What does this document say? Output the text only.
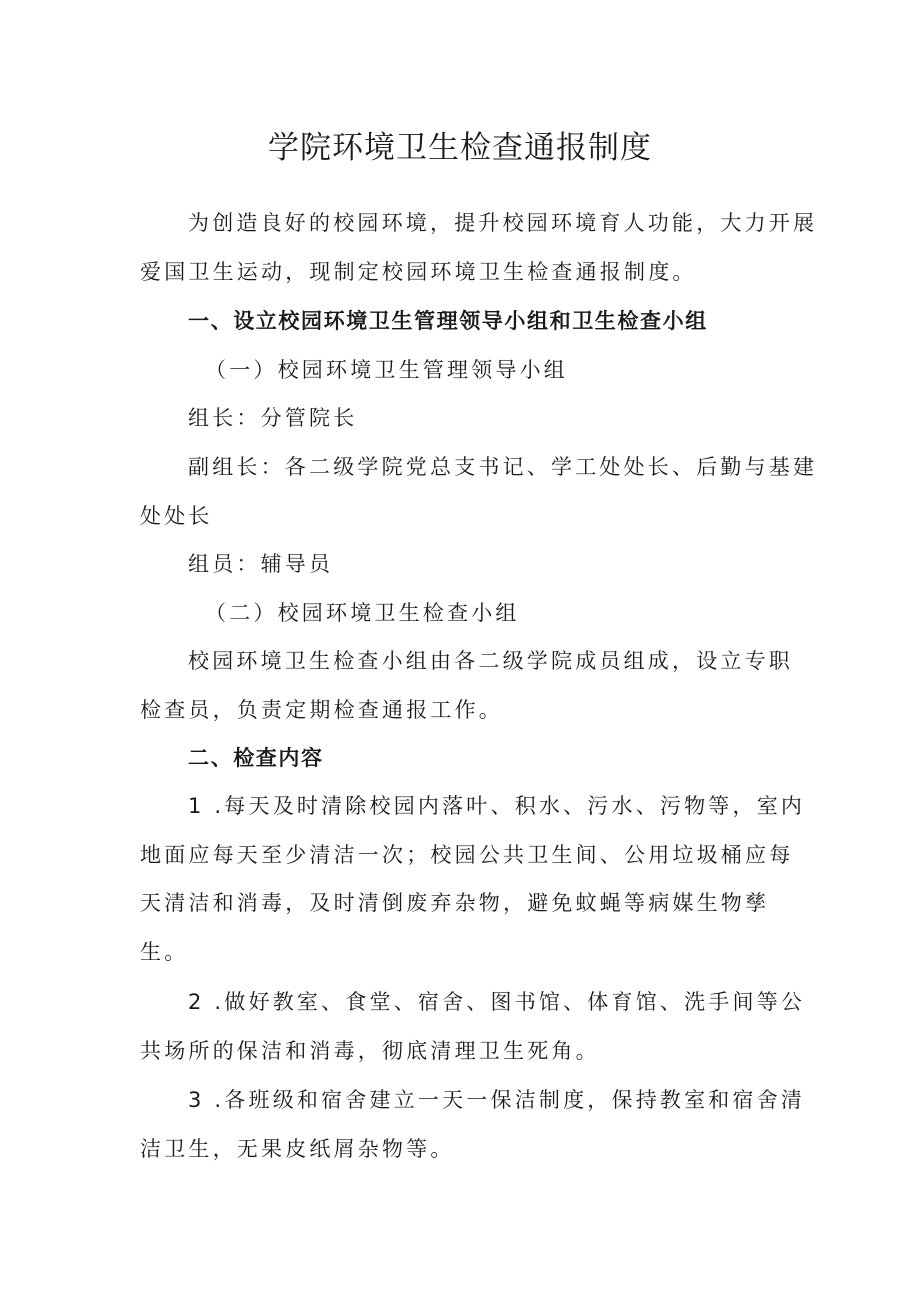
学院环境卫生检查通报制度

为创造良好的校园环境，提升校园环境育人功能，大力开展

爱国卫生运动，现制定校园环境卫生检查通报制度。

一、设立校园环境卫生管理领导小组和卫生检查小组

（一）校园环境卫生管理领导小组

组长：分管院长

副组长：各二级学院党总支书记、学工处处长、后勤与基建

处处长

组员：辅导员

（二）校园环境卫生检查小组

校园环境卫生检查小组由各二级学院成员组成，设立专职

检查员，负责定期检查通报工作。

二、检查内容

1 .每天及时清除校园内落叶、积水、污水、污物等，室内

地面应每天至少清洁一次；校园公共卫生间、公用垃圾桶应每

天清洁和消毒，及时清倒废弃杂物，避免蚊蝇等病媒生物孳

生。

2 .做好教室、食堂、宿舍、图书馆、体育馆、洗手间等公

共场所的保洁和消毒，彻底清理卫生死角。

3 .各班级和宿舍建立一天一保洁制度，保持教室和宿舍清

洁卫生，无果皮纸屑杂物等。
